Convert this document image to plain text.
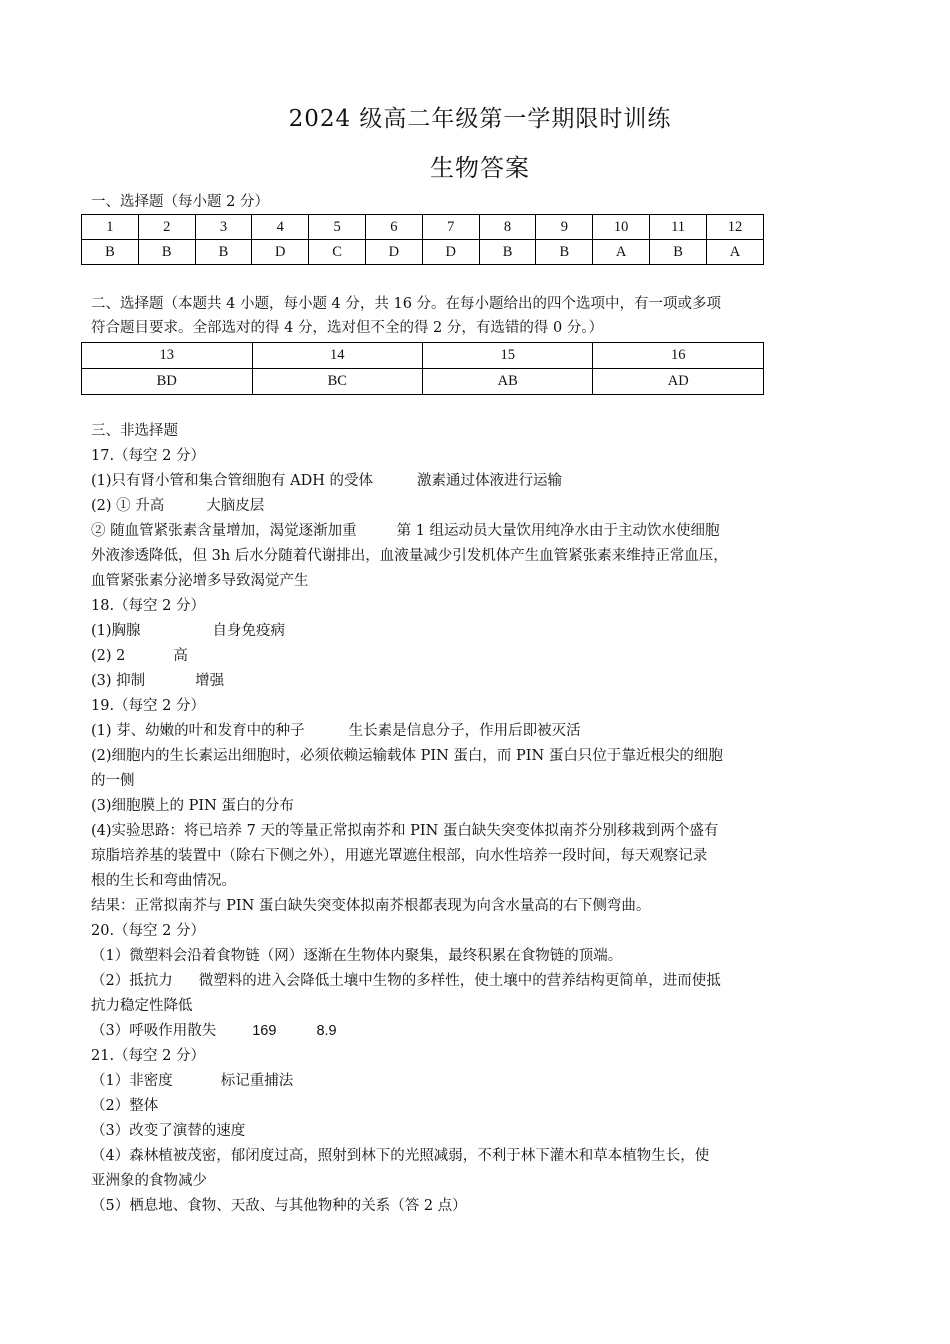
2024 级高二年级第一学期限时训练
生物答案
一、选择题（每小题 2 分）
1	2	3	4	5	6	7	8	9	10	11	12
B	B	B	D	C	D	D	B	B	A	B	A
二、选择题（本题共 4 小题，每小题 4 分，共 16 分。在每小题给出的四个选项中，有一项或多项
符合题目要求。全部选对的得 4 分，选对但不全的得 2 分，有选错的得 0 分。）
13	14	15	16
BD	BC	AB	AD
三、非选择题
17.（每空 2 分）
(1)只有肾小管和集合管细胞有 ADH 的受体	激素通过体液进行运输
(2) ① 升高	大脑皮层
② 随血管紧张素含量增加，渴觉逐渐加重	第 1 组运动员大量饮用纯净水由于主动饮水使细胞
外液渗透降低，但 3h 后水分随着代谢排出，血液量减少引发机体产生血管紧张素来维持正常血压，
血管紧张素分泌增多导致渴觉产生
18.（每空 2 分）
(1)胸腺	自身免疫病
(2) 2	高
(3) 抑制	增强
19.（每空 2 分）
(1) 芽、幼嫩的叶和发育中的种子	生长素是信息分子，作用后即被灭活
(2)细胞内的生长素运出细胞时，必须依赖运输载体 PIN 蛋白，而 PIN 蛋白只位于靠近根尖的细胞
的一侧
(3)细胞膜上的 PIN 蛋白的分布
(4)实验思路：将已培养 7 天的等量正常拟南芥和 PIN 蛋白缺失突变体拟南芥分别移栽到两个盛有
琼脂培养基的装置中（除右下侧之外），用遮光罩遮住根部，向水性培养一段时间，每天观察记录
根的生长和弯曲情况。
结果：正常拟南芥与 PIN 蛋白缺失突变体拟南芥根都表现为向含水量高的右下侧弯曲。
20.（每空 2 分）
（1）微塑料会沿着食物链（网）逐渐在生物体内聚集，最终积累在食物链的顶端。
（2）抵抗力 微塑料的进入会降低土壤中生物的多样性，使土壤中的营养结构更简单，进而使抵
抗力稳定性降低
（3）呼吸作用散失 169	8.9
21.（每空 2 分）
（1）非密度	标记重捕法
（2）整体
（3）改变了演替的速度
（4）森林植被茂密，郁闭度过高，照射到林下的光照减弱，不利于林下灌木和草本植物生长，使
亚洲象的食物减少
（5）栖息地、食物、天敌、与其他物种的关系（答 2 点）
